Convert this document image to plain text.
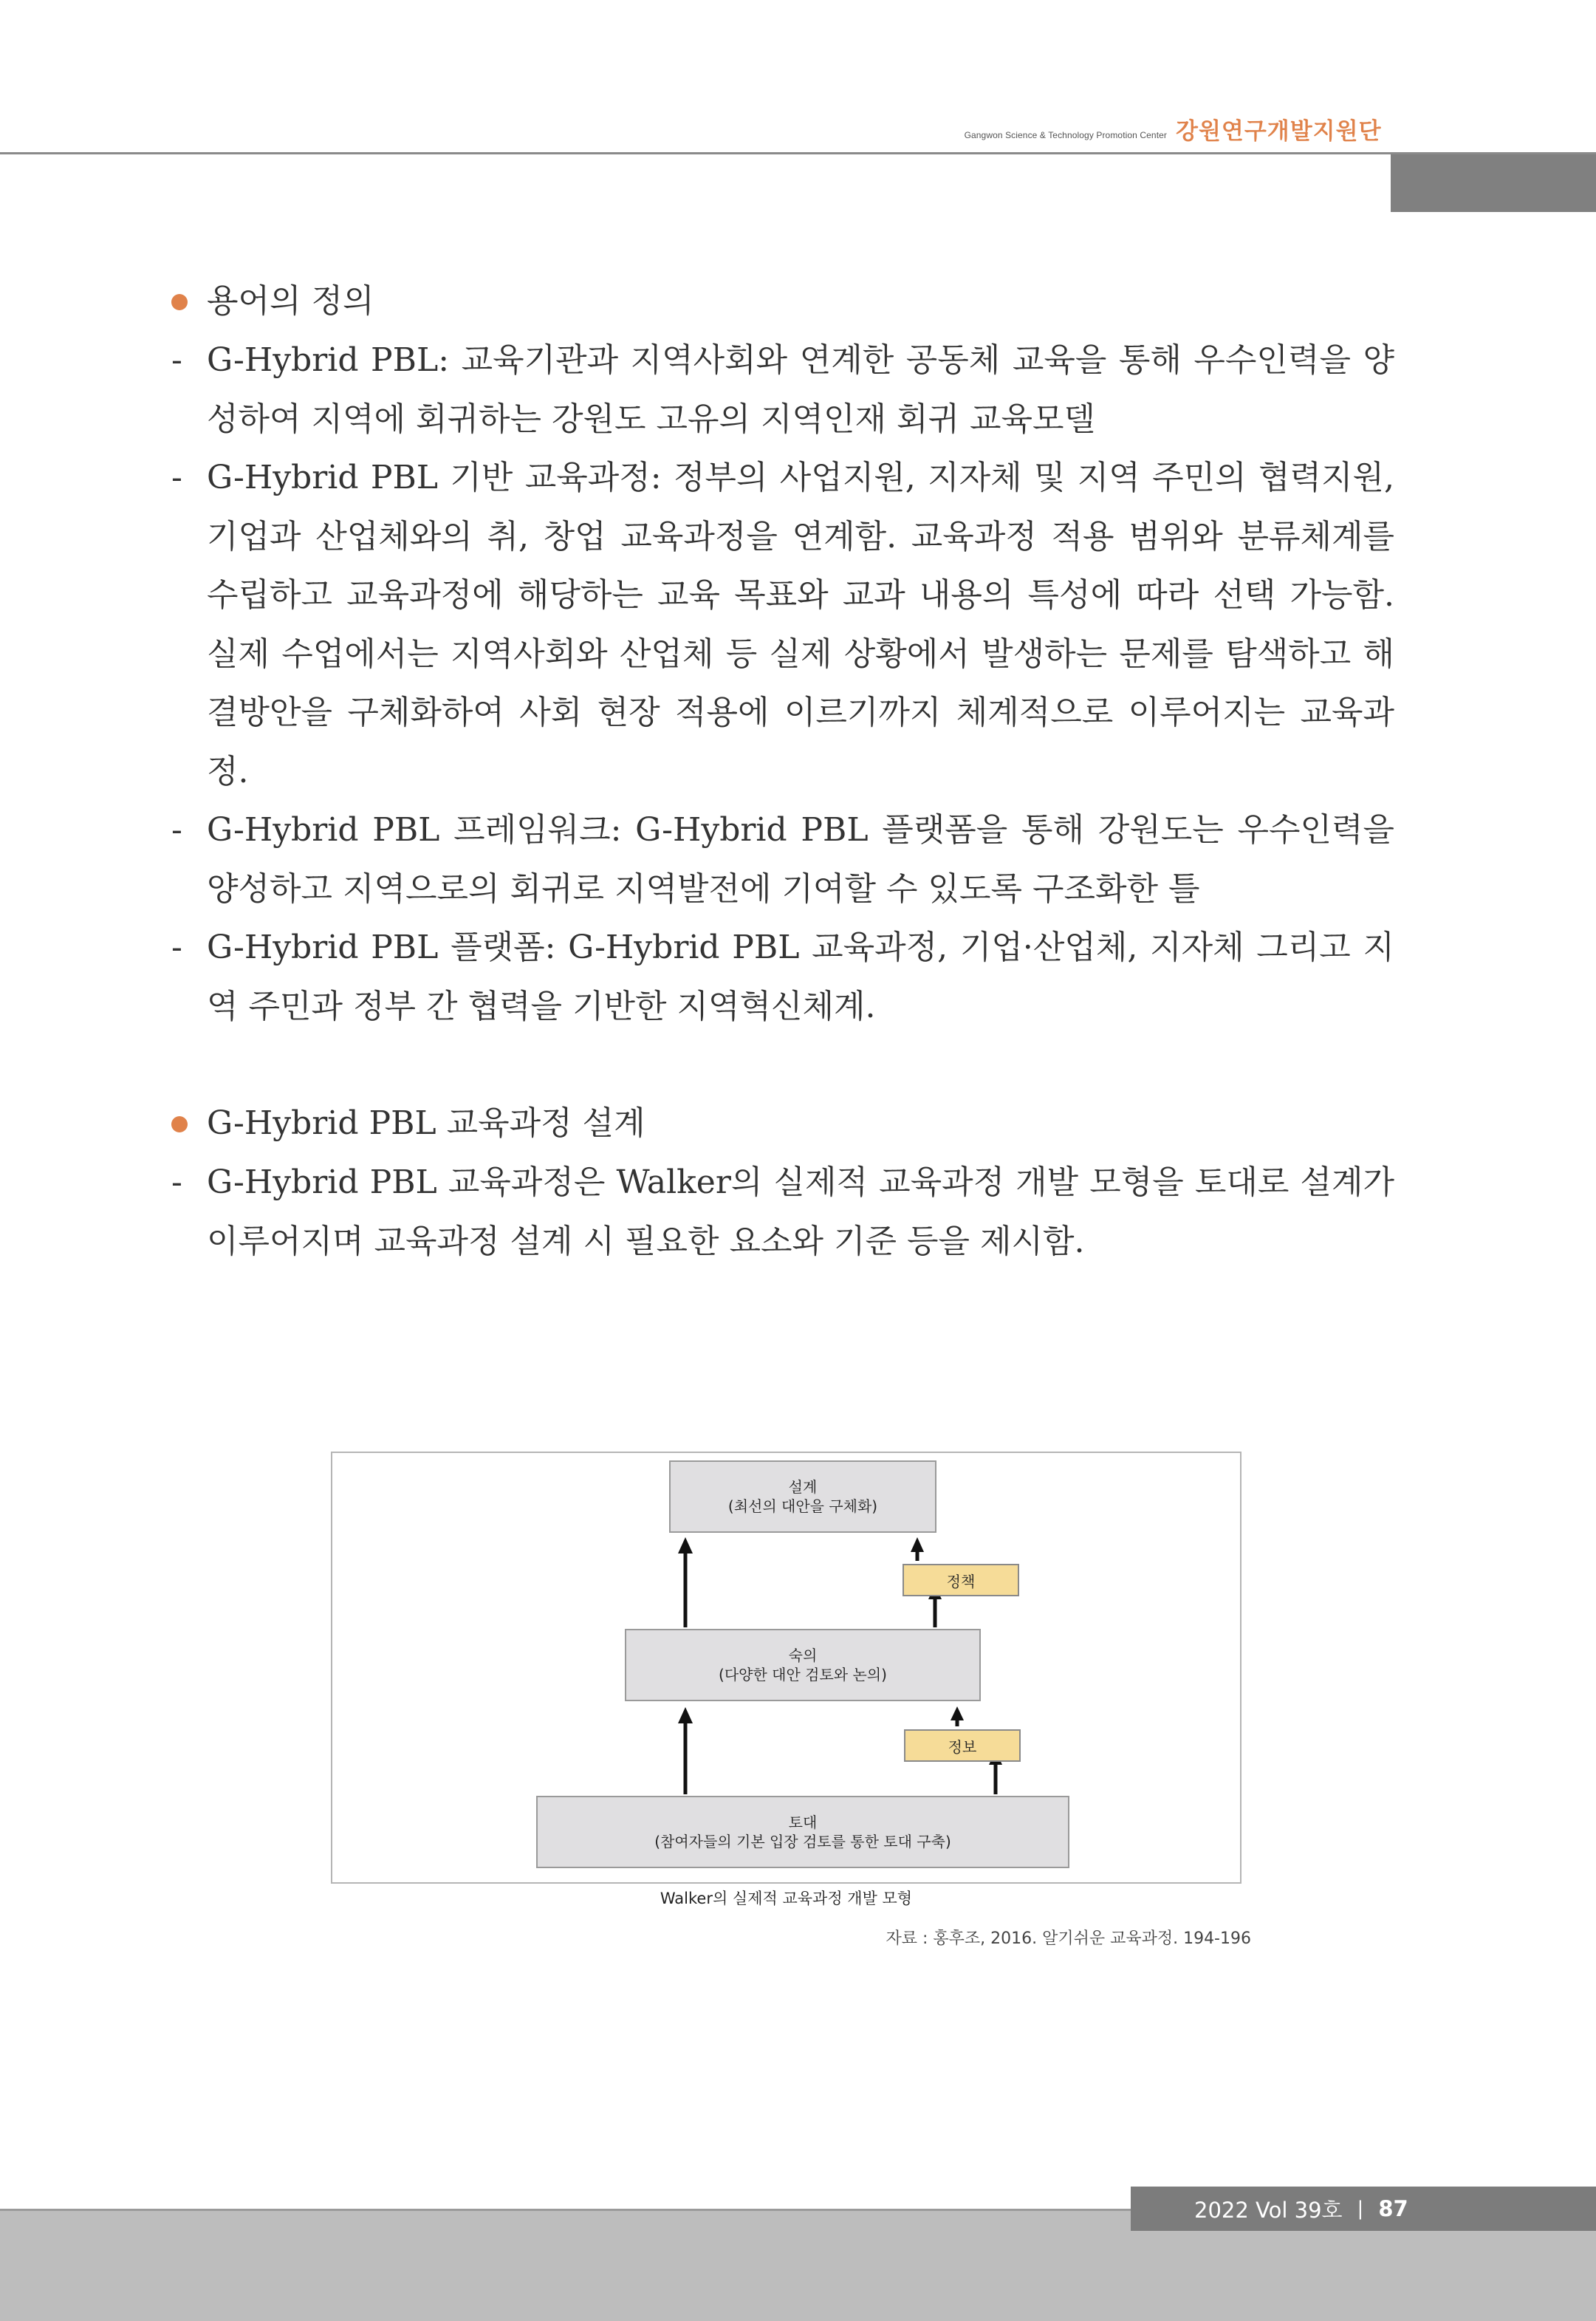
Gangwon Science & Technology Promotion Center 강원연구개발지원단
용어의 정의
- G-Hybrid PBL: 교육기관과 지역사회와 연계한 공동체 교육을 통해 우수인력을 양성하여 지역에 회귀하는 강원도 고유의 지역인재 회귀 교육모델
- G-Hybrid PBL 기반 교육과정: 정부의 사업지원, 지자체 및 지역 주민의 협력지원, 기업과 산업체와의 취, 창업 교육과정을 연계함. 교육과정 적용 범위와 분류체계를 수립하고 교육과정에 해당하는 교육 목표와 교과 내용의 특성에 따라 선택 가능함. 실제 수업에서는 지역사회와 산업체 등 실제 상황에서 발생하는 문제를 탐색하고 해결방안을 구체화하여 사회 현장 적용에 이르기까지 체계적으로 이루어지는 교육과정.
- G-Hybrid PBL 프레임워크: G-Hybrid PBL 플랫폼을 통해 강원도는 우수인력을 양성하고 지역으로의 회귀로 지역발전에 기여할 수 있도록 구조화한 틀
- G-Hybrid PBL 플랫폼: G-Hybrid PBL 교육과정, 기업·산업체, 지자체 그리고 지역 주민과 정부 간 협력을 기반한 지역혁신체계.
G-Hybrid PBL 교육과정 설계
- G-Hybrid PBL 교육과정은 Walker의 실제적 교육과정 개발 모형을 토대로 설계가 이루어지며 교육과정 설계 시 필요한 요소와 기준 등을 제시함.
설계
(최선의 대안을 구체화)
정책
숙의
(다양한 대안 검토와 논의)
정보
토대
(참여자들의 기본 입장 검토를 통한 토대 구축)
Walker의 실제적 교육과정 개발 모형
자료 : 홍후조, 2016. 알기쉬운 교육과정. 194-196
2022 Vol 39호 | 87
